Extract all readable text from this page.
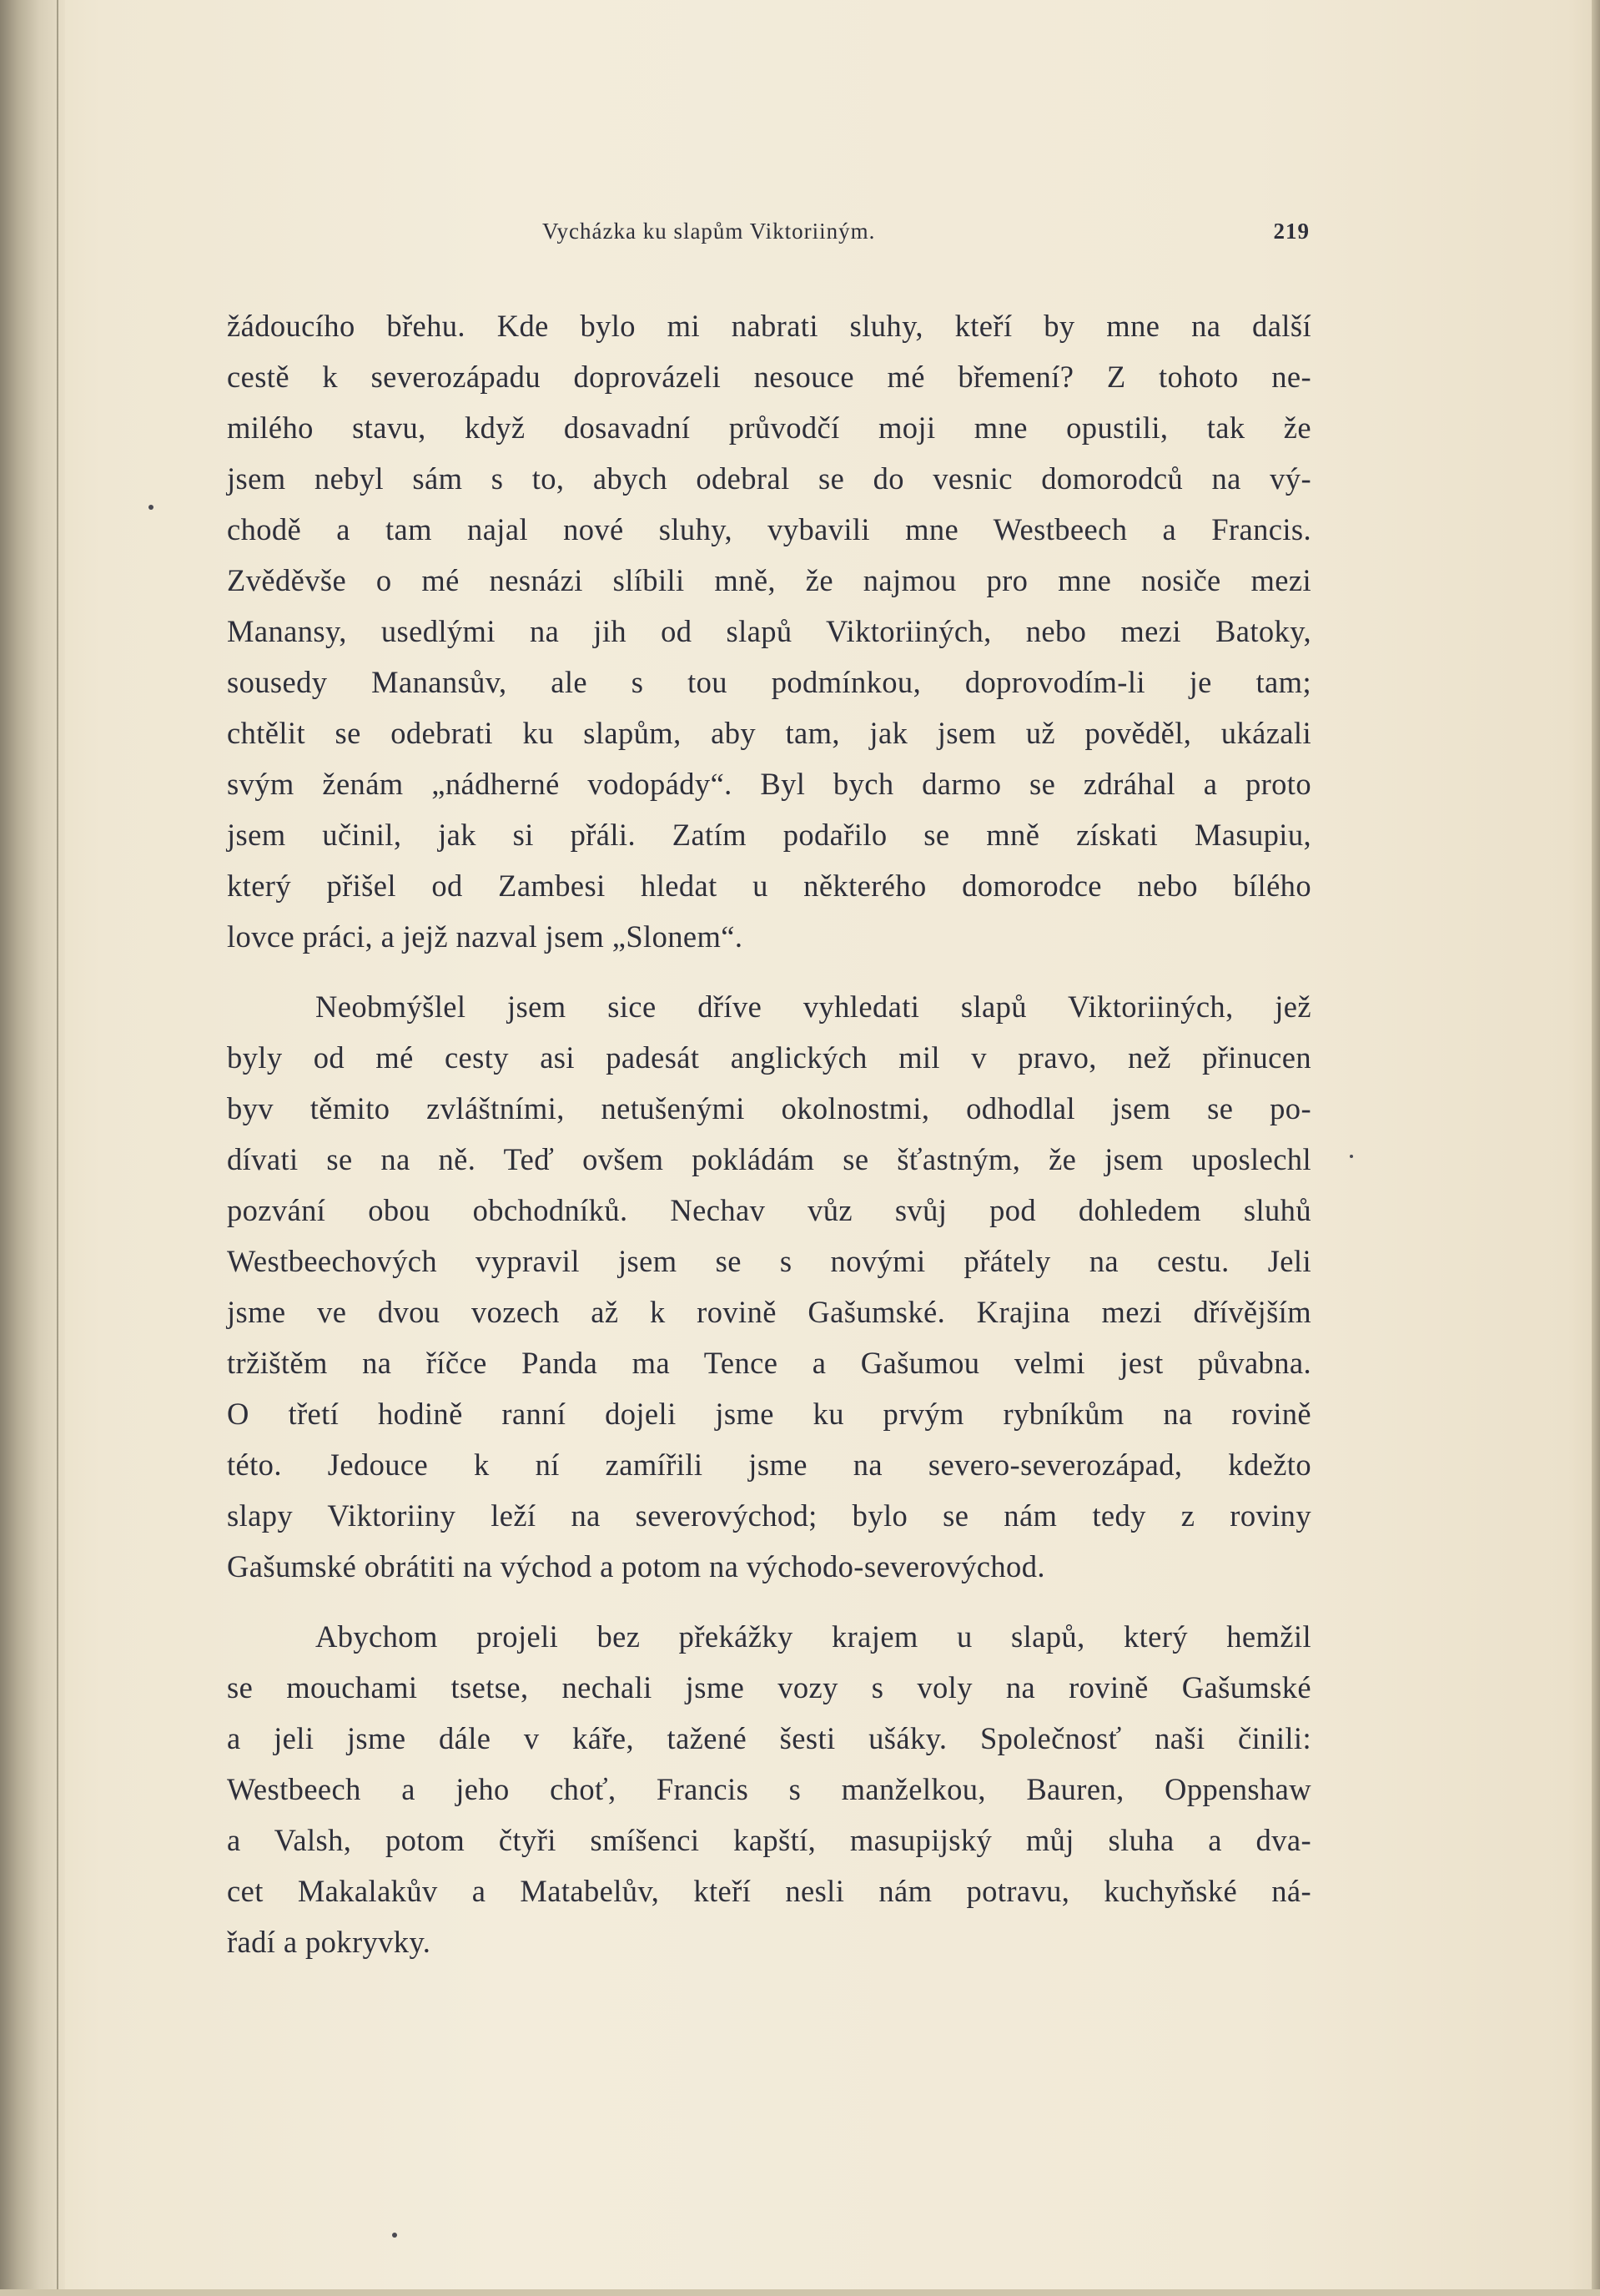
Vycházka ku slapům Viktoriiným.	219
žádoucího břehu. Kde bylo mi nabrati sluhy, kteří by mne na další
cestě k severozápadu doprovázeli nesouce mé břemení? Z tohoto ne-
milého stavu, když dosavadní průvodčí moji mne opustili, tak že
jsem nebyl sám s to, abych odebral se do vesnic domorodců na vý-
chodě a tam najal nové sluhy, vybavili mne Westbeech a Francis.
Zvěděvše o mé nesnázi slíbili mně, že najmou pro mne nosiče mezi
Manansy, usedlými na jih od slapů Viktoriiných, nebo mezi Batoky,
sousedy Manansův, ale s tou podmínkou, doprovodím-li je tam;
chtělit se odebrati ku slapům, aby tam, jak jsem už pověděl, ukázali
svým ženám „nádherné vodopády“. Byl bych darmo se zdráhal a proto
jsem učinil, jak si přáli. Zatím podařilo se mně získati Masupiu,
který přišel od Zambesi hledat u některého domorodce nebo bílého
lovce práci, a jejž nazval jsem „Slonem“.
Neobmýšlel jsem sice dříve vyhledati slapů Viktoriiných, jež
byly od mé cesty asi padesát anglických mil v pravo, než přinucen
byv těmito zvláštními, netušenými okolnostmi, odhodlal jsem se po-
dívati se na ně. Teď ovšem pokládám se šťastným, že jsem uposlechl
pozvání obou obchodníků. Nechav vůz svůj pod dohledem sluhů
Westbeechových vypravil jsem se s novými přátely na cestu. Jeli
jsme ve dvou vozech až k rovině Gašumské. Krajina mezi dřívějším
tržištěm na říčce Panda ma Tence a Gašumou velmi jest půvabna.
O třetí hodině ranní dojeli jsme ku prvým rybníkům na rovině
této. Jedouce k ní zamířili jsme na severo-severozápad, kdežto
slapy Viktoriiny leží na severovýchod; bylo se nám tedy z roviny
Gašumské obrátiti na východ a potom na východo-severovýchod.
Abychom projeli bez překážky krajem u slapů, který hemžil
se mouchami tsetse, nechali jsme vozy s voly na rovině Gašumské
a jeli jsme dále v káře, tažené šesti ušáky. Společnosť naši činili:
Westbeech a jeho choť, Francis s manželkou, Bauren, Oppenshaw
a Valsh, potom čtyři smíšenci kapští, masupijský můj sluha a dva-
cet Makalakův a Matabelův, kteří nesli nám potravu, kuchyňské ná-
řadí a pokryvky.
